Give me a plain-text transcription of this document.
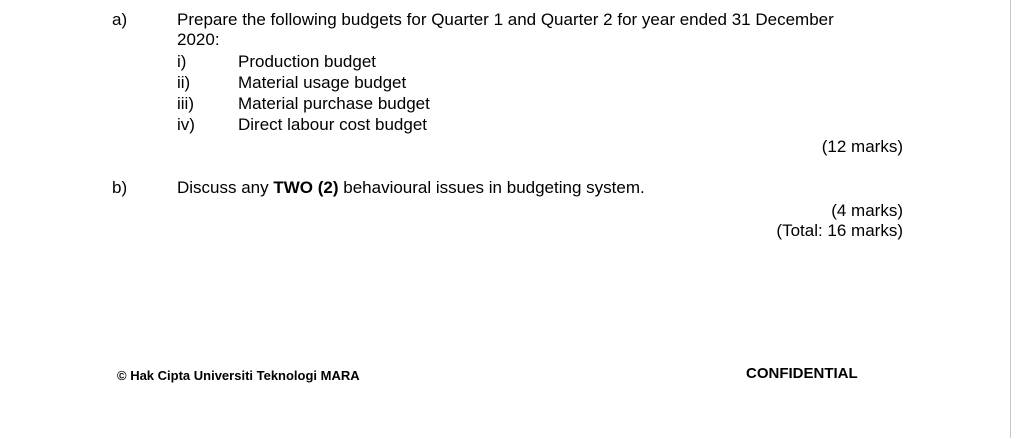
a)	Prepare the following budgets for Quarter 1 and Quarter 2 for year ended 31 December
2020:
i)	Production budget
ii)	Material usage budget
iii)	Material purchase budget
iv)	Direct labour cost budget
(12 marks)
b)	Discuss any TWO (2) behavioural issues in budgeting system.
(4 marks)
(Total: 16 marks)
© Hak Cipta Universiti Teknologi MARA	CONFIDENTIAL
